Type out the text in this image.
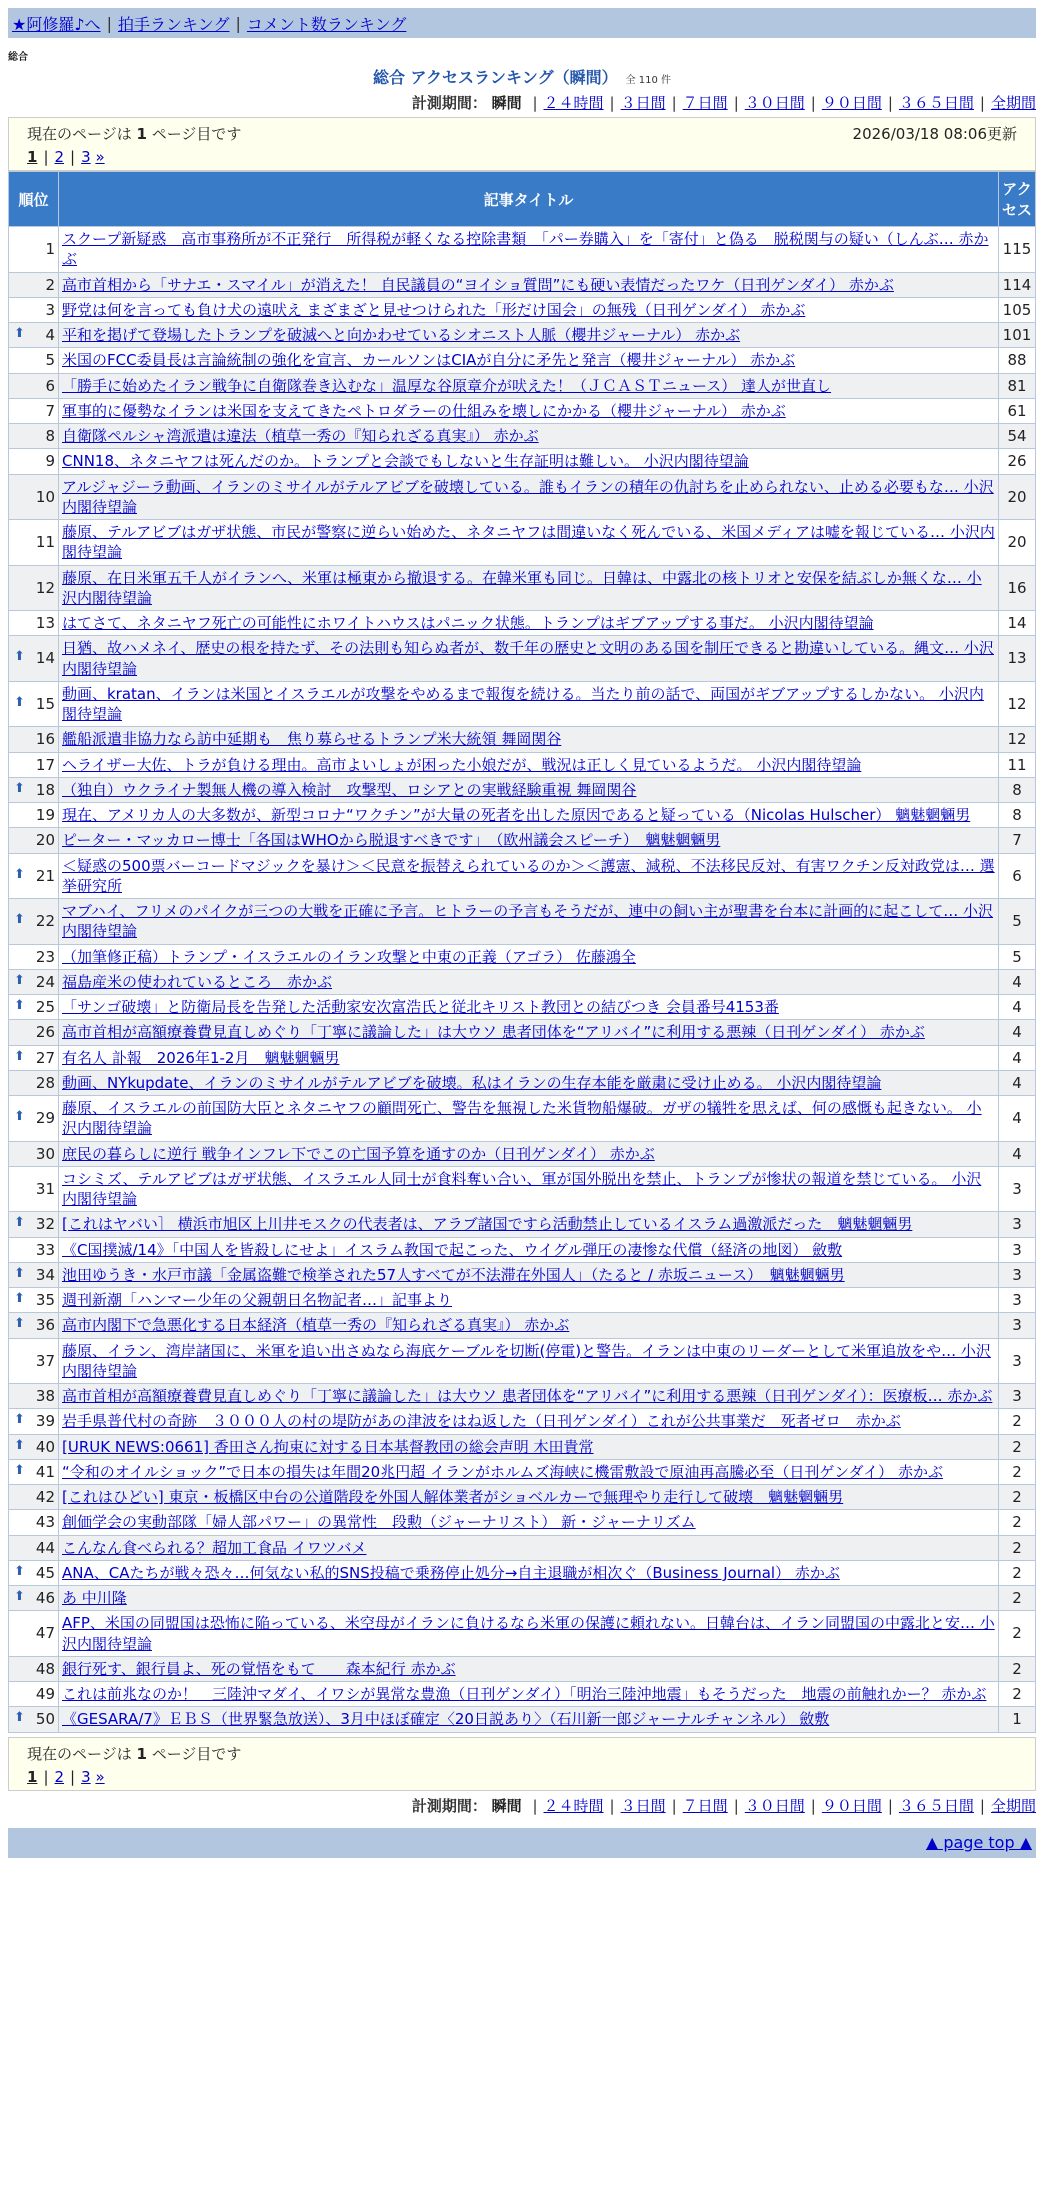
★阿修羅♪へ | 拍手ランキング | コメント数ランキング
総合
総合 アクセスランキング（瞬間） 全 110 件
計測期間： 瞬間 | ２４時間 | ３日間 | ７日間 | ３０日間 | ９０日間 | ３６５日間 | 全期間
現在のページは 1 ページ目です	2026/03/18 08:06更新
1 | 2 | 3 »
順位	記事タイトル	アクセス
1	スクープ新疑惑　高市事務所が不正発行　所得税が軽くなる控除書類　「パー券購入」を「寄付」と偽る　脱税関与の疑い（しんぶ… 赤かぶ	115
2	高市首相から「サナエ・スマイル」が消えた！ 自民議員の“ヨイショ質問”にも硬い表情だったワケ（日刊ゲンダイ） 赤かぶ	114
3	野党は何を言っても負け犬の遠吠え まざまざと見せつけられた「形だけ国会」の無残（日刊ゲンダイ） 赤かぶ	105

⬆ 4	平和を掲げて登場したトランプを破滅へと向かわせているシオニスト人脈（櫻井ジャーナル） 赤かぶ	101
5	米国のFCC委員長は言論統制の強化を宣言、カールソンはCIAが自分に矛先と発言（櫻井ジャーナル） 赤かぶ	88
6	「勝手に始めたイラン戦争に自衛隊巻き込むな」温厚な谷原章介が吠えた！（ＪＣＡＳＴニュース） 達人が世直し	81
7	軍事的に優勢なイランは米国を支えてきたペトロダラーの仕組みを壊しにかかる（櫻井ジャーナル） 赤かぶ	61
8	自衛隊ペルシャ湾派遣は違法（植草一秀の『知られざる真実』） 赤かぶ	54
9	CNN18、ネタニヤフは死んだのか。トランプと会談でもしないと生存証明は難しい。 小沢内閣待望論	26
10	アルジャジーラ動画、イランのミサイルがテルアビブを破壊している。誰もイランの積年の仇討ちを止められない、止める必要もな… 小沢内閣待望論	20
11	藤原、テルアビブはガザ状態、市民が警察に逆らい始めた、ネタニヤフは間違いなく死んでいる、米国メディアは嘘を報じている… 小沢内閣待望論	20
12	藤原、在日米軍五千人がイランへ、米軍は極東から撤退する。在韓米軍も同じ。日韓は、中露北の核トリオと安保を結ぶしか無くな… 小沢内閣待望論	16
13	はてさて、ネタニヤフ死亡の可能性にホワイトハウスはパニック状態。トランプはギブアップする事だ。 小沢内閣待望論	14

⬆ 14	日猶、故ハメネイ、歴史の根を持たず、その法則も知らぬ者が、数千年の歴史と文明のある国を制圧できると勘違いしている。縄文… 小沢内閣待望論	13

⬆ 15	動画、kratan、イランは米国とイスラエルが攻撃をやめるまで報復を続ける。当たり前の話で、両国がギブアップするしかない。 小沢内閣待望論	12
16	艦船派遣非協力なら訪中延期も　焦り募らせるトランプ米大統領 舞岡関谷	12
17	ヘライザー大佐、トラが負ける理由。高市よいしょが困った小娘だが、戦況は正しく見ているようだ。 小沢内閣待望論	11

⬆ 18	（独自）ウクライナ製無人機の導入検討　攻撃型、ロシアとの実戦経験重視 舞岡関谷	8
19	現在、アメリカ人の大多数が、新型コロナ“ワクチン”が大量の死者を出した原因であると疑っている（Nicolas Hulscher） 魑魅魍魎男	8
20	ピーター・マッカロー博士「各国はWHOから脱退すべきです」　（欧州議会スピーチ）　魑魅魍魎男	7

⬆ 21	＜疑惑の500票バーコードマジックを暴け＞＜民意を振替えられているのか＞＜護憲、減税、不法移民反対、有害ワクチン反対政党は… 選挙研究所	6

⬆ 22	マブハイ、フリメのパイクが三つの大戦を正確に予言。ヒトラーの予言もそうだが、連中の飼い主が聖書を台本に計画的に起こして… 小沢内閣待望論	5
23	（加筆修正稿）トランプ・イスラエルのイラン攻撃と中東の正義（アゴラ） 佐藤鴻全	5

⬆ 24	福島産米の使われているところ　赤かぶ	4

⬆ 25	「サンゴ破壊」と防衛局長を告発した活動家安次富浩氏と従北キリスト教団との結びつき 会員番号4153番	4
26	高市首相が高額療養費見直しめぐり「丁寧に議論した」は大ウソ 患者団体を“アリバイ”に利用する悪辣（日刊ゲンダイ） 赤かぶ	4

⬆ 27	有名人 訃報　2026年1-2月　魑魅魍魎男	4
28	動画、NYkupdate、イランのミサイルがテルアビブを破壊。私はイランの生存本能を厳粛に受け止める。 小沢内閣待望論	4

⬆ 29	藤原、イスラエルの前国防大臣とネタニヤフの顧問死亡、警告を無視した米貨物船爆破。ガザの犠牲を思えば、何の感慨も起きない。 小沢内閣待望論	4
30	庶民の暮らしに逆行 戦争インフレ下でこの亡国予算を通すのか（日刊ゲンダイ） 赤かぶ	4
31	コシミズ、テルアビブはガザ状態、イスラエル人同士が食料奪い合い、軍が国外脱出を禁止、トランプが惨状の報道を禁じている。 小沢内閣待望論	3

⬆ 32	[これはヤバい］ 横浜市旭区上川井モスクの代表者は、アラブ諸国ですら活動禁止しているイスラム過激派だった　魑魅魍魎男	3
33	《C国撲滅/14》「中国人を皆殺しにせよ」イスラム教国で起こった、ウイグル弾圧の凄惨な代償（経済の地図） 斂敷	3

⬆ 34	池田ゆうき・水戸市議「金属盗難で検挙された57人すべてが不法滞在外国人」（たると / 赤坂ニュース）　魑魅魍魎男	3

⬆ 35	週刊新潮「ハンマー少年の父親朝日名物記者…」記事より	3

⬆ 36	高市内閣下で急悪化する日本経済（植草一秀の『知られざる真実』） 赤かぶ	3
37	藤原、イラン、湾岸諸国に、米軍を追い出さぬなら海底ケーブルを切断(停電)と警告。イランは中東のリーダーとして米軍追放をや… 小沢内閣待望論	3
38	高市首相が高額療養費見直しめぐり「丁寧に議論した」は大ウソ 患者団体を“アリバイ”に利用する悪辣（日刊ゲンダイ）：医療板… 赤かぶ	3

⬆ 39	岩手県普代村の奇跡　３０００人の村の堤防があの津波をはね返した（日刊ゲンダイ）これが公共事業だ　死者ゼロ　赤かぶ	2

⬆ 40	[URUK NEWS:0661] 香田さん拘束に対する日本基督教団の総会声明 木田貴常	2

⬆ 41	“令和のオイルショック”で日本の損失は年間20兆円超 イランがホルムズ海峡に機雷敷設で原油再高騰必至（日刊ゲンダイ） 赤かぶ	2
42	[これはひどい] 東京・板橋区中台の公道階段を外国人解体業者がショベルカーで無理やり走行して破壊　魑魅魍魎男	2
43	創価学会の実動部隊「婦人部パワー」の異常性　段勲（ジャーナリスト） 新・ジャーナリズム	2
44	こんなん食べられる？超加工食品 イワツバメ	2

⬆ 45	ANA、CAたちが戦々恐々…何気ない私的SNS投稿で乗務停止処分→自主退職が相次ぐ（Business Journal） 赤かぶ	2

⬆ 46	あ 中川隆	2
47	AFP、米国の同盟国は恐怖に陥っている、米空母がイランに負けるなら米軍の保護に頼れない。日韓台は、イラン同盟国の中露北と安… 小沢内閣待望論	2
48	銀行死す、銀行員よ、死の覚悟をもて　　森本紀行 赤かぶ	2
49	これは前兆なのか！　三陸沖マダイ、イワシが異常な豊漁（日刊ゲンダイ）「明治三陸沖地震」もそうだった　地震の前触れかー？ 赤かぶ	2

⬆ 50	《GESARA/7》ＥＢＳ（世界緊急放送）、3月中ほぼ確定〈20日説あり〉（石川新一郎ジャーナルチャンネル） 斂敷	1
現在のページは 1 ページ目です
1 | 2 | 3 »
計測期間： 瞬間 | ２４時間 | ３日間 | ７日間 | ３０日間 | ９０日間 | ３６５日間 | 全期間
▲ page top ▲
